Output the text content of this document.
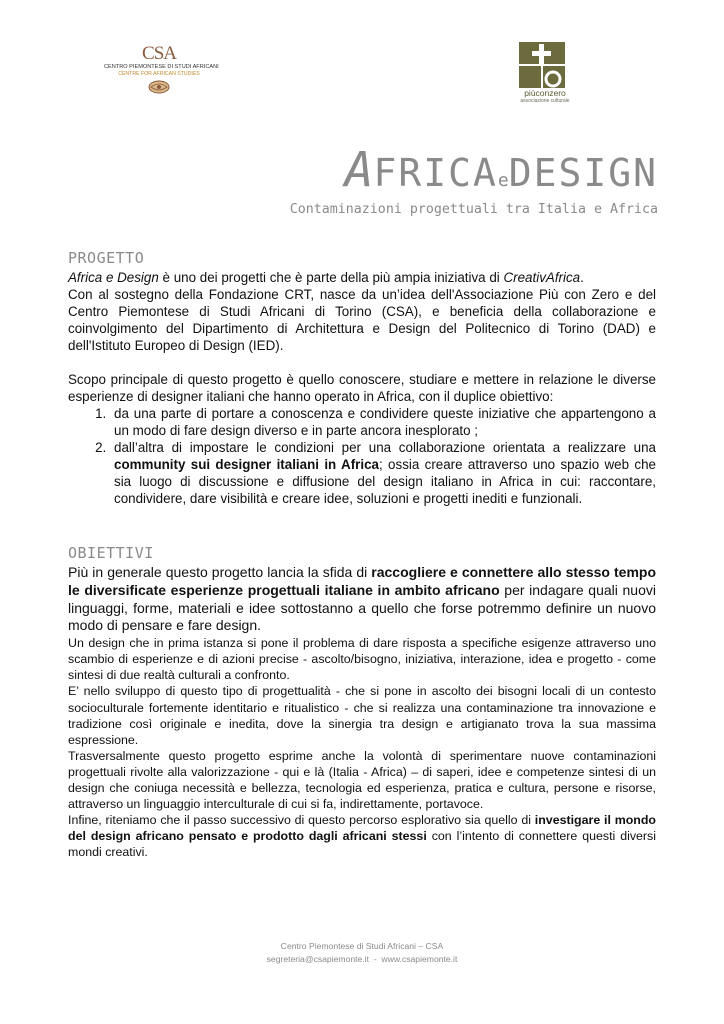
CSA
CENTRO PIEMONTESE DI STUDI AFRICANI
CENTRE FOR AFRICAN STUDIES
piùconzero
associazione culturale
AFRICAeDESIGN
Contaminazioni progettuali tra Italia e Africa
PROGETTO

Africa e Design è uno dei progetti che è parte della più ampia iniziativa di CreativAfrica.

Con al sostegno della Fondazione CRT, nasce da un’idea dell'Associazione Più con Zero e del Centro Piemontese di Studi Africani di Torino (CSA), e beneficia della collaborazione e coinvolgimento del Dipartimento di Architettura e Design del Politecnico di Torino (DAD) e dell'Istituto Europeo di Design (IED).

Scopo principale di questo progetto è quello conoscere, studiare e mettere in relazione le diverse esperienze di designer italiani che hanno operato in Africa, con il duplice obiettivo:

1. da una parte di portare a conoscenza e condividere queste iniziative che appartengono a un modo di fare design diverso e in parte ancora inesplorato ;
2. dall’altra di impostare le condizioni per una collaborazione orientata a realizzare una community sui designer italiani in Africa; ossia creare attraverso uno spazio web che sia luogo di discussione e diffusione del design italiano in Africa in cui: raccontare, condividere, dare visibilità e creare idee, soluzioni e progetti inediti e funzionali.
OBIETTIVI

Più in generale questo progetto lancia la sfida di raccogliere e connettere allo stesso tempo le diversificate esperienze progettuali italiane in ambito africano per indagare quali nuovi linguaggi, forme, materiali e idee sottostanno a quello che forse potremmo definire un nuovo modo di pensare e fare design.

Un design che in prima istanza si pone il problema di dare risposta a specifiche esigenze attraverso uno scambio di esperienze e di azioni precise - ascolto/bisogno, iniziativa, interazione, idea e progetto - come sintesi di due realtà culturali a confronto.

E’ nello sviluppo di questo tipo di progettualità - che si pone in ascolto dei bisogni locali di un contesto socioculturale fortemente identitario e ritualistico - che si realizza una contaminazione tra innovazione e tradizione così originale e inedita, dove la sinergia tra design e artigianato trova la sua massima espressione.

Trasversalmente questo progetto esprime anche la volontà di sperimentare nuove contaminazioni progettuali rivolte alla valorizzazione - qui e là (Italia - Africa) – di saperi, idee e competenze sintesi di un design che coniuga necessità e bellezza, tecnologia ed esperienza, pratica e cultura, persone e risorse, attraverso un linguaggio interculturale di cui si fa, indirettamente, portavoce.

Infine, riteniamo che il passo successivo di questo percorso esplorativo sia quello di investigare il mondo del design africano pensato e prodotto dagli africani stessi con l’intento di connettere questi diversi mondi creativi.

Centro Piemontese di Studi Africani – CSA
segreteria@csapiemonte.it  -  www.csapiemonte.it
